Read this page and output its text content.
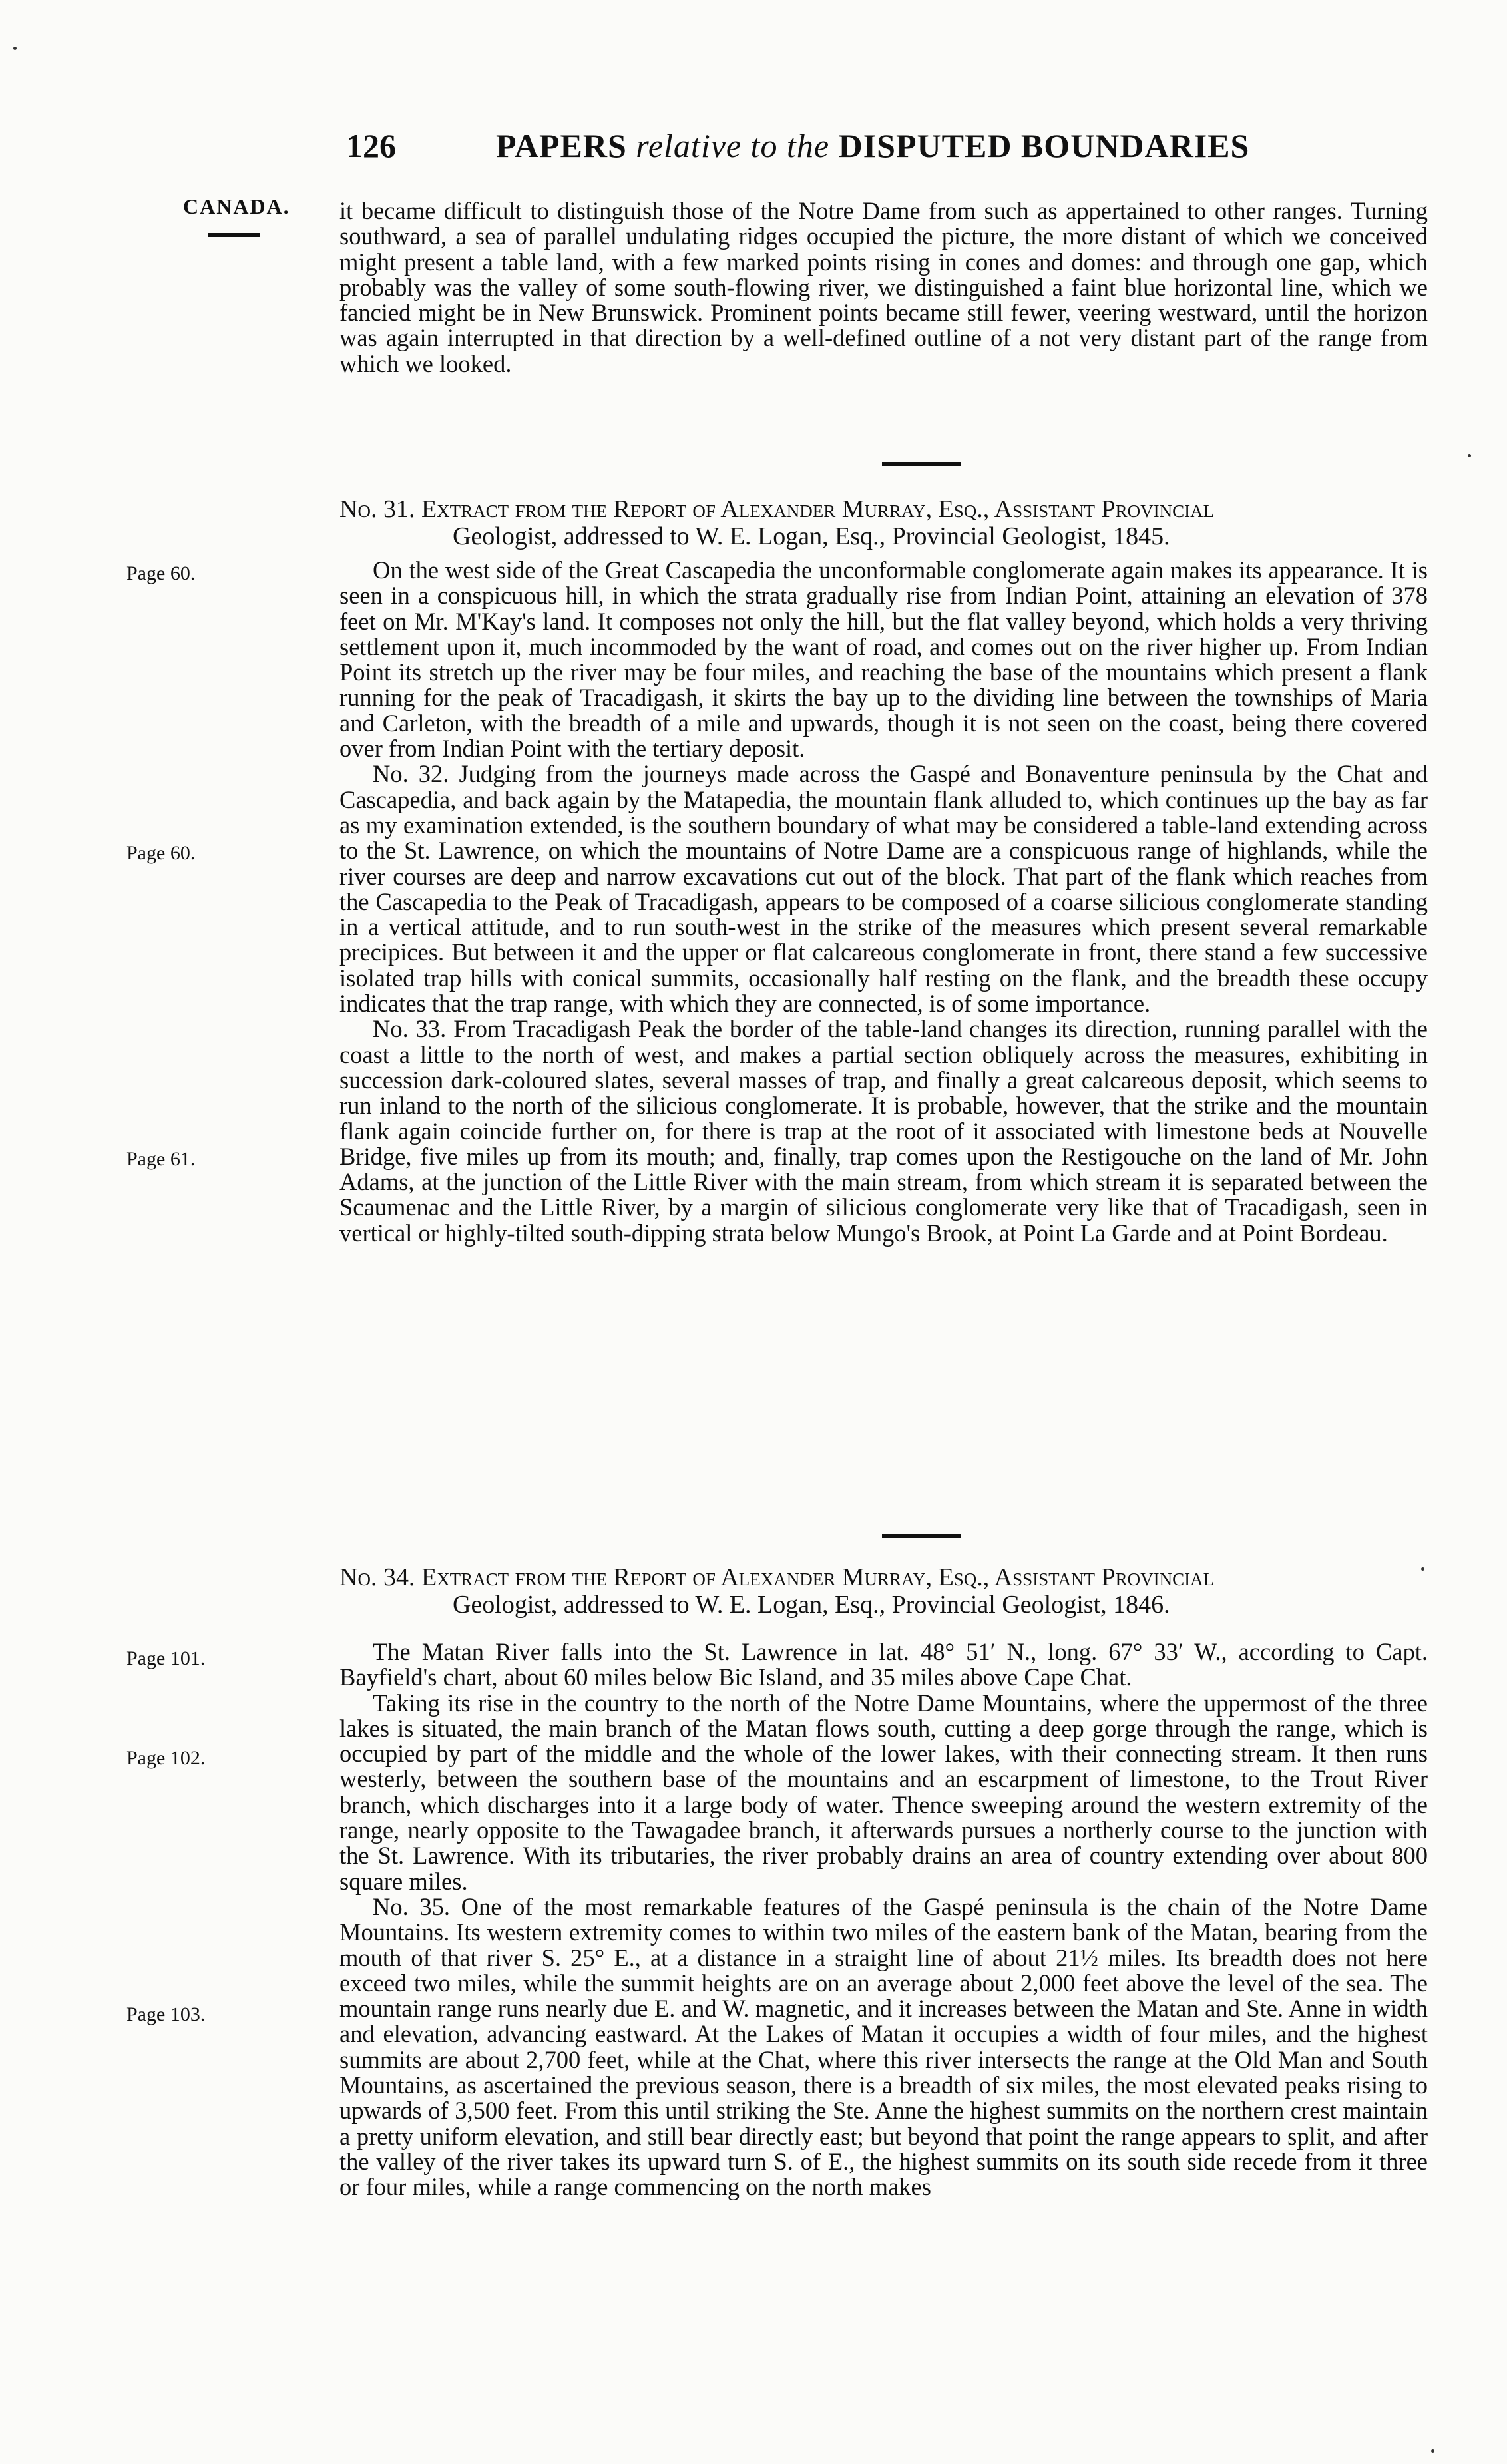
126	PAPERS relative to the DISPUTED BOUNDARIES
CANADA. it became difficult to distinguish those of the Notre Dame from such as appertained to other ranges. Turning southward, a sea of parallel undulating ridges occupied the picture, the more distant of which we conceived might present a table land, with a few marked points rising in cones and domes: and through one gap, which probably was the valley of some south-flowing river, we distinguished a faint blue horizontal line, which we fancied might be in New Brunswick. Prominent points became still fewer, veering westward, until the horizon was again interrupted in that direction by a well-defined outline of a not very distant part of the range from which we looked.

No. 31. Extract from the Report of Alexander Murray, Esq., Assistant Provincial
Geologist, addressed to W. E. Logan, Esq., Provincial Geologist, 1845.
Page 60.
Page 60.
Page 61.

On the west side of the Great Cascapedia the unconformable conglomerate again makes its appearance. It is seen in a conspicuous hill, in which the strata gradually rise from Indian Point, attaining an elevation of 378 feet on Mr. M'Kay's land. It composes not only the hill, but the flat valley beyond, which holds a very thriving settlement upon it, much incommoded by the want of road, and comes out on the river higher up. From Indian Point its stretch up the river may be four miles, and reaching the base of the mountains which present a flank running for the peak of Tracadigash, it skirts the bay up to the dividing line between the townships of Maria and Carleton, with the breadth of a mile and upwards, though it is not seen on the coast, being there covered over from Indian Point with the tertiary deposit.

No. 32. Judging from the journeys made across the Gaspé and Bonaventure peninsula by the Chat and Cascapedia, and back again by the Matapedia, the mountain flank alluded to, which continues up the bay as far as my examination extended, is the southern boundary of what may be considered a table-land extending across to the St. Lawrence, on which the mountains of Notre Dame are a conspicuous range of highlands, while the river courses are deep and narrow excavations cut out of the block. That part of the flank which reaches from the Cascapedia to the Peak of Tracadigash, appears to be composed of a coarse silicious conglomerate standing in a vertical attitude, and to run south-west in the strike of the measures which present several remarkable precipices. But between it and the upper or flat calcareous conglomerate in front, there stand a few successive isolated trap hills with conical summits, occasionally half resting on the flank, and the breadth these occupy indicates that the trap range, with which they are connected, is of some importance.

No. 33. From Tracadigash Peak the border of the table-land changes its direction, running parallel with the coast a little to the north of west, and makes a partial section obliquely across the measures, exhibiting in succession dark-coloured slates, several masses of trap, and finally a great calcareous deposit, which seems to run inland to the north of the silicious conglomerate. It is probable, however, that the strike and the mountain flank again coincide further on, for there is trap at the root of it associated with limestone beds at Nouvelle Bridge, five miles up from its mouth; and, finally, trap comes upon the Restigouche on the land of Mr. John Adams, at the junction of the Little River with the main stream, from which stream it is separated between the Scaumenac and the Little River, by a margin of silicious conglomerate very like that of Tracadigash, seen in vertical or highly-tilted south-dipping strata below Mungo's Brook, at Point La Garde and at Point Bordeau.

No. 34. Extract from the Report of Alexander Murray, Esq., Assistant Provincial
Geologist, addressed to W. E. Logan, Esq., Provincial Geologist, 1846.
Page 101.
Page 102.
Page 103.

The Matan River falls into the St. Lawrence in lat. 48° 51′ N., long. 67° 33′ W., according to Capt. Bayfield's chart, about 60 miles below Bic Island, and 35 miles above Cape Chat.

Taking its rise in the country to the north of the Notre Dame Mountains, where the uppermost of the three lakes is situated, the main branch of the Matan flows south, cutting a deep gorge through the range, which is occupied by part of the middle and the whole of the lower lakes, with their connecting stream. It then runs westerly, between the southern base of the mountains and an escarpment of limestone, to the Trout River branch, which discharges into it a large body of water. Thence sweeping around the western extremity of the range, nearly opposite to the Tawagadee branch, it afterwards pursues a northerly course to the junction with the St. Lawrence. With its tributaries, the river probably drains an area of country extending over about 800 square miles.

No. 35. One of the most remarkable features of the Gaspé peninsula is the chain of the Notre Dame Mountains. Its western extremity comes to within two miles of the eastern bank of the Matan, bearing from the mouth of that river S. 25° E., at a distance in a straight line of about 21½ miles. Its breadth does not here exceed two miles, while the summit heights are on an average about 2,000 feet above the level of the sea. The mountain range runs nearly due E. and W. magnetic, and it increases between the Matan and Ste. Anne in width and elevation, advancing eastward. At the Lakes of Matan it occupies a width of four miles, and the highest summits are about 2,700 feet, while at the Chat, where this river intersects the range at the Old Man and South Mountains, as ascertained the previous season, there is a breadth of six miles, the most elevated peaks rising to upwards of 3,500 feet. From this until striking the Ste. Anne the highest summits on the northern crest maintain a pretty uniform elevation, and still bear directly east; but beyond that point the range appears to split, and after the valley of the river takes its upward turn S. of E., the highest summits on its south side recede from it three or four miles, while a range commencing on the north makes
